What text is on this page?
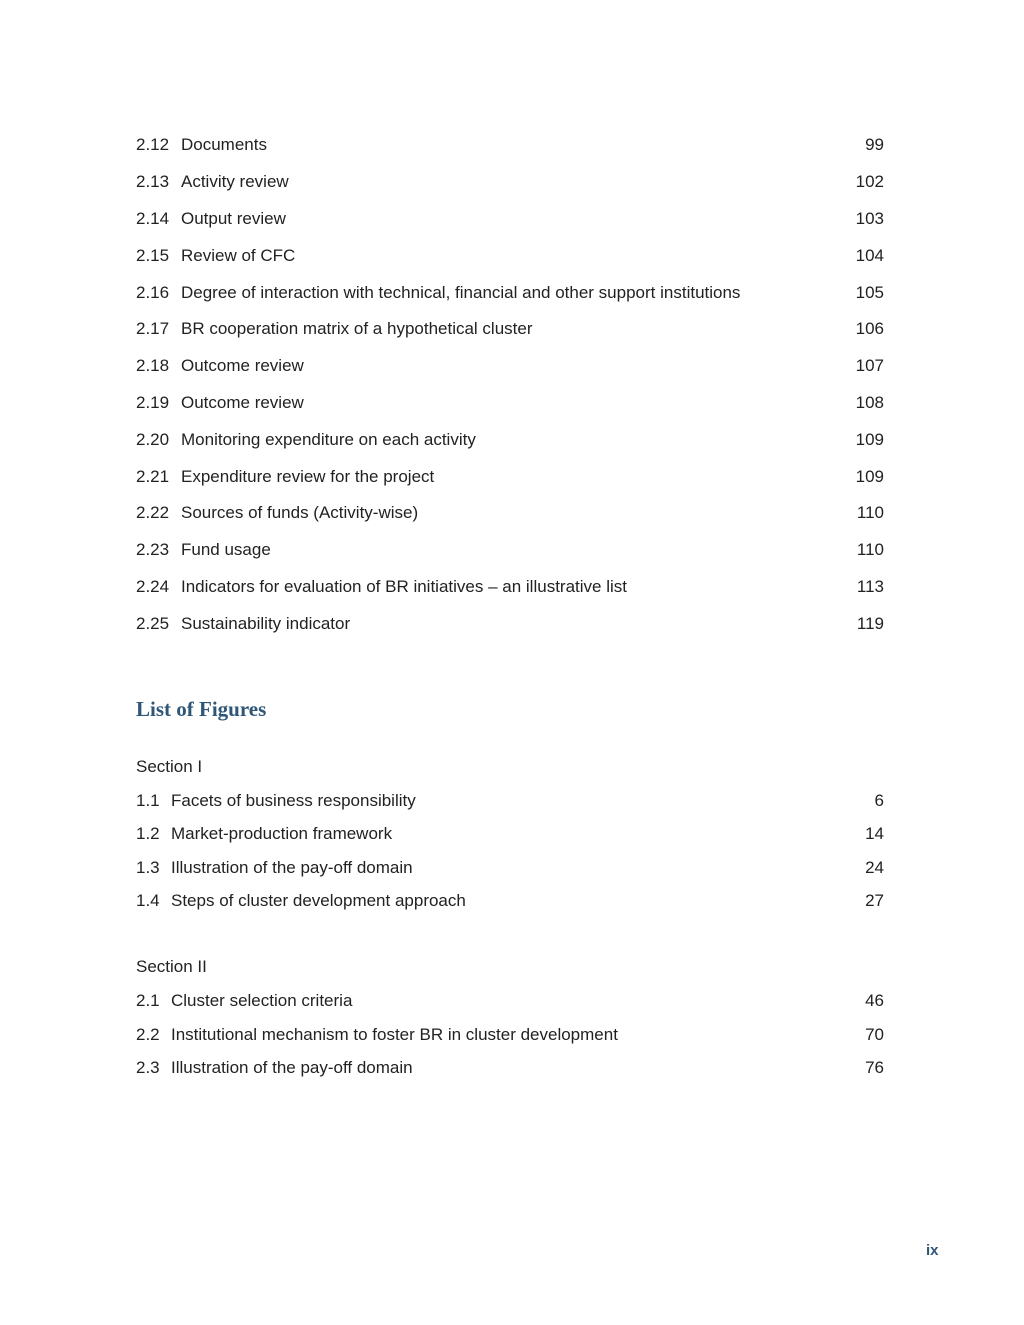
2.12 Documents	99
2.13 Activity review	102
2.14 Output review	103
2.15 Review of CFC	104
2.16 Degree of interaction with technical, financial and other support institutions	105
2.17 BR cooperation matrix of a hypothetical cluster	106
2.18 Outcome review	107
2.19 Outcome review	108
2.20 Monitoring expenditure on each activity	109
2.21 Expenditure review for the project	109
2.22 Sources of funds (Activity-wise)	110
2.23 Fund usage	110
2.24 Indicators for evaluation of BR initiatives – an illustrative list	113
2.25 Sustainability indicator	119
List of Figures
Section I
1.1 Facets of business responsibility	6
1.2 Market-production framework	14
1.3 Illustration of the pay-off domain	24
1.4 Steps of cluster development approach	27
Section II
2.1 Cluster selection criteria	46
2.2 Institutional mechanism to foster BR in cluster development	70
2.3 Illustration of the pay-off domain	76
ix
